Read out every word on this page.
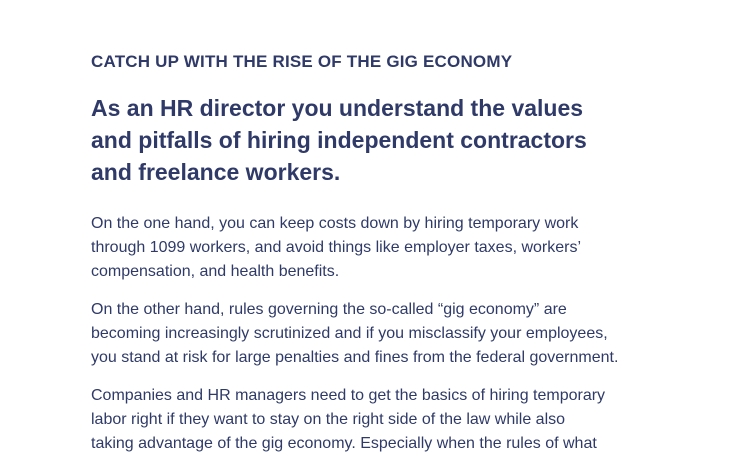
CATCH UP WITH THE RISE OF THE GIG ECONOMY
As an HR director you understand the values
and pitfalls of hiring independent contractors
and freelance workers.

On the one hand, you can keep costs down by hiring temporary work
through 1099 workers, and avoid things like employer taxes, workers’
compensation, and health benefits.

On the other hand, rules governing the so-called “gig economy” are
becoming increasingly scrutinized and if you misclassify your employees,
you stand at risk for large penalties and fines from the federal government.

Companies and HR managers need to get the basics of hiring temporary
labor right if they want to stay on the right side of the law while also
taking advantage of the gig economy. Especially when the rules of what
